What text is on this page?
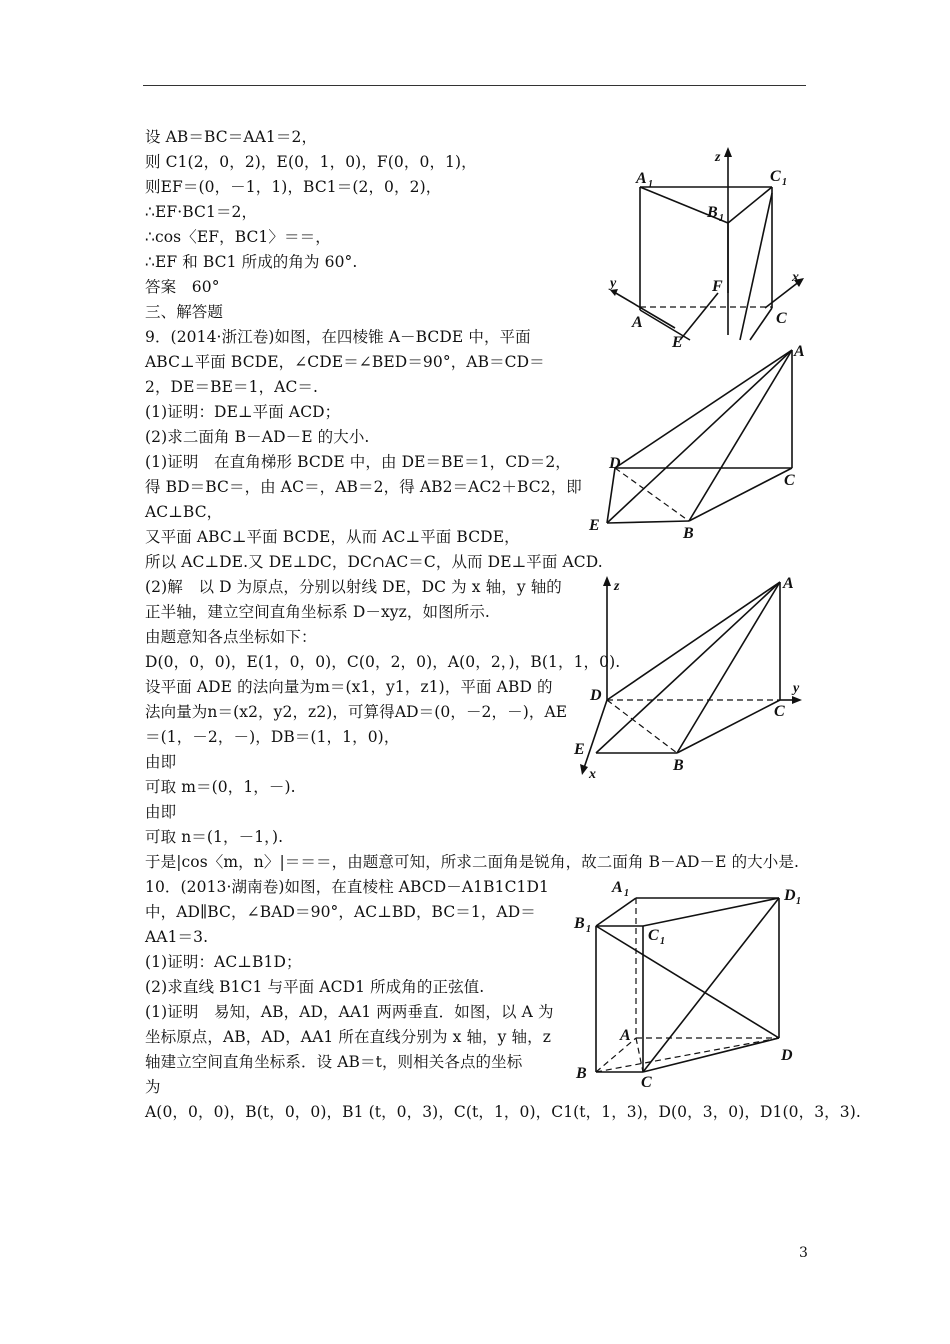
设 AB＝BC＝AA1＝2，
则 C1(2，0，2)，E(0，1，0)，F(0，0，1)，
则EF＝(0，－1，1)，BC1＝(2，0，2)，
∴EF·BC1＝2，
∴cos〈EF，BC1〉＝＝，
∴EF 和 BC1 所成的角为 60°.
答案　60°
三、解答题
9．(2014·浙江卷)如图，在四棱锥 A－BCDE 中，平面
ABC⊥平面 BCDE，∠CDE＝∠BED＝90°，AB＝CD＝
2，DE＝BE＝1，AC＝.
(1)证明：DE⊥平面 ACD；
(2)求二面角 B－AD－E 的大小.
(1)证明　在直角梯形 BCDE 中，由 DE＝BE＝1，CD＝2，
得 BD＝BC＝，由 AC＝，AB＝2，得 AB2＝AC2＋BC2，即
AC⊥BC，
又平面 ABC⊥平面 BCDE，从而 AC⊥平面 BCDE，
所以 AC⊥DE.又 DE⊥DC，DC∩AC＝C，从而 DE⊥平面 ACD.
(2)解　以 D 为原点，分别以射线 DE，DC 为 x 轴，y 轴的
正半轴，建立空间直角坐标系 D－xyz，如图所示.
由题意知各点坐标如下：
D(0，0，0)，E(1，0，0)，C(0，2，0)，A(0，2，)，B(1，1，0).
设平面 ADE 的法向量为m＝(x1，y1，z1)，平面 ABD 的
法向量为n＝(x2，y2，z2)，可算得AD＝(0，－2，－)，AE
＝(1，－2，－)，DB＝(1，1，0)，
由即
可取 m＝(0，1，－).
由即
可取 n＝(1，－1，).
于是|cos〈m，n〉|＝＝＝，由题意可知，所求二面角是锐角，故二面角 B－AD－E 的大小是.
10．(2013·湖南卷)如图，在直棱柱 ABCD－A1B1C1D1
中，AD∥BC，∠BAD＝90°，AC⊥BD，BC＝1，AD＝
AA1＝3.
(1)证明：AC⊥B1D；
(2)求直线 B1C1 与平面 ACD1 所成角的正弦值.
(1)证明　易知，AB，AD，AA1 两两垂直．如图，以 A 为
坐标原点，AB，AD，AA1 所在直线分别为 x 轴，y 轴，z
轴建立空间直角坐标系．设 AB＝t，则相关各点的坐标
为
A(0，0，0)，B(t，0，0)，B1 (t，0，3)，C(t，1，0)，C1(t，1，3)，D(0，3，0)，D1(0，3，3).
A 1
B 1
C 1
z
y	x
F
A	C
E
A
D
C
E	B
z	A
D	y
C
E
B
x
A 1	D 1
B 1	C 1
A
D
B
C
3
